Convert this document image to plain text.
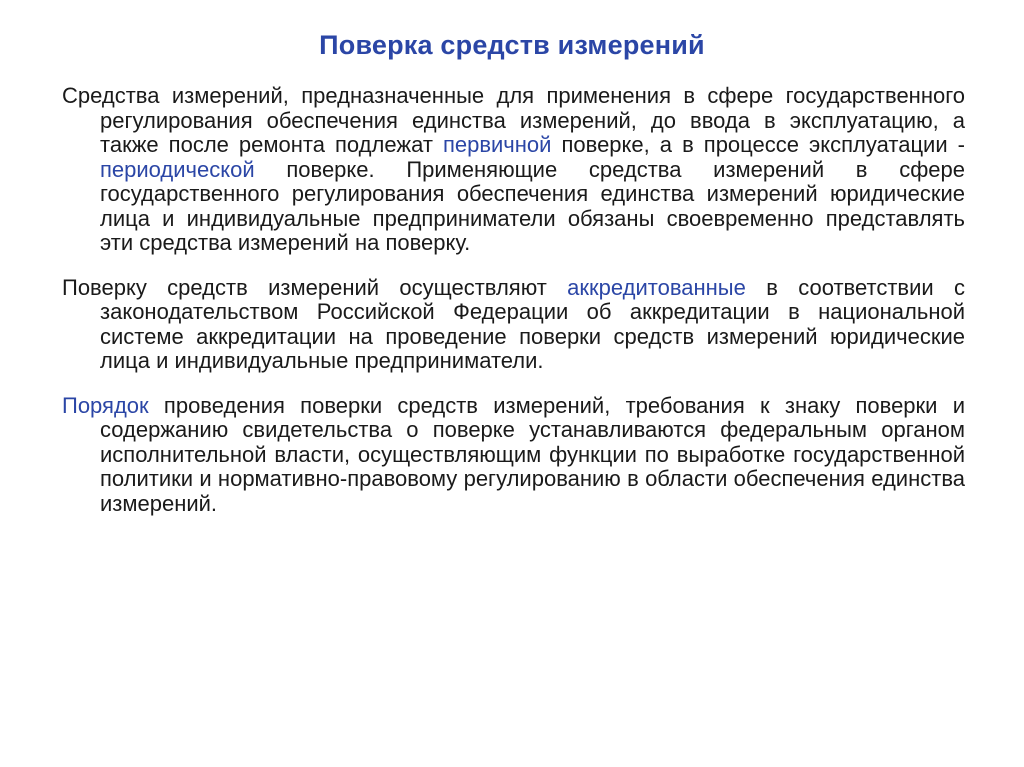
Поверка средств измерений

Средства измерений, предназначенные для применения в сфере государственного регулирования обеспечения единства измерений, до ввода в эксплуатацию, а также после ремонта подлежат первичной поверке, а в процессе эксплуатации - периодической поверке. Применяющие средства измерений в сфере государственного регулирования обеспечения единства измерений юридические лица и индивидуальные предприниматели обязаны своевременно представлять эти средства измерений на поверку.

Поверку средств измерений осуществляют аккредитованные в соответствии с законодательством Российской Федерации об аккредитации в национальной системе аккредитации на проведение поверки средств измерений юридические лица и индивидуальные предприниматели.

Порядок проведения поверки средств измерений, требования к знаку поверки и содержанию свидетельства о поверке устанавливаются федеральным органом исполнительной власти, осуществляющим функции по выработке государственной политики и нормативно-правовому регулированию в области обеспечения единства измерений.
